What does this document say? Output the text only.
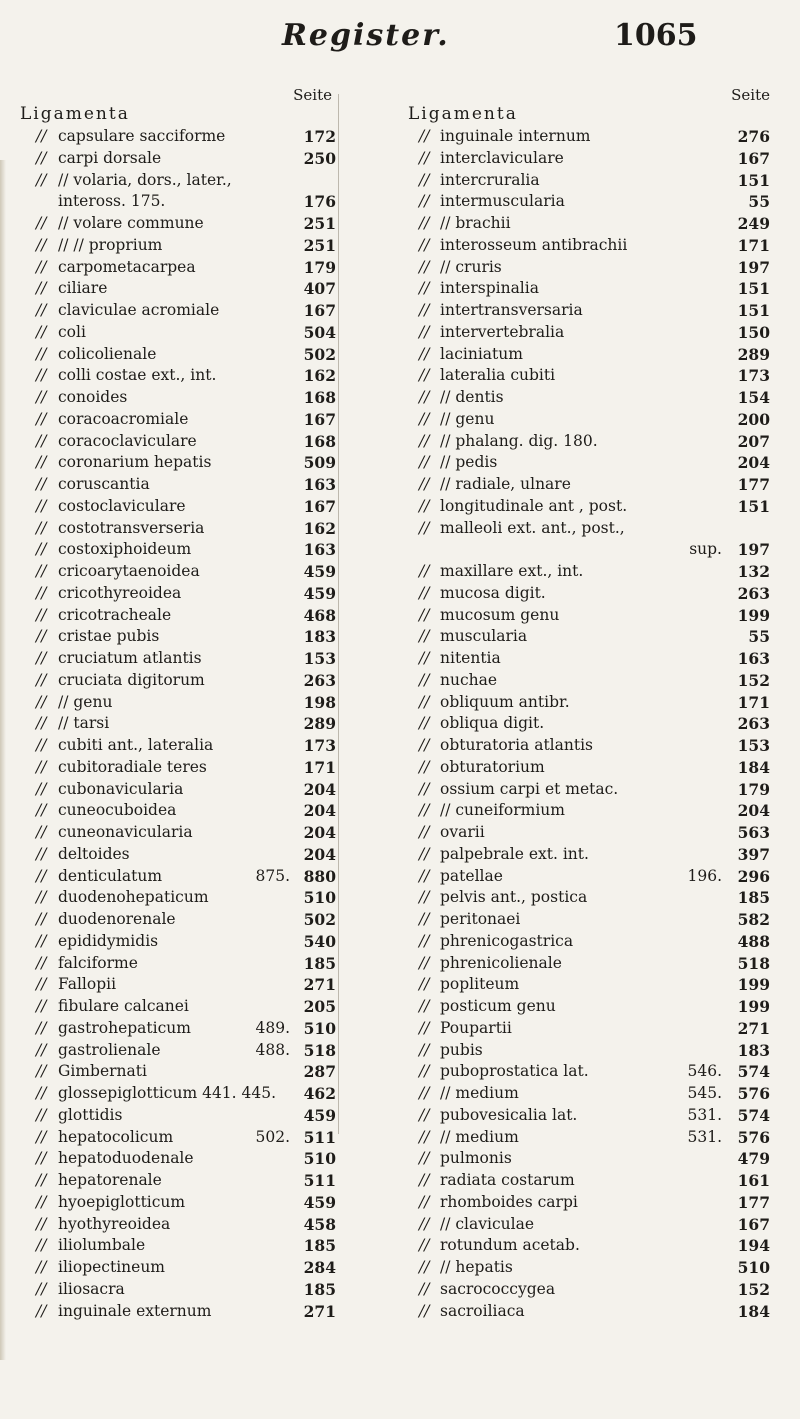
Register.	1065
Seite
Ligamenta
// capsulare sacciforme	172
// carpi dorsale	250
// // volaria, dors., later.,
inteross. 175.	176
// // volare commune	251
// // // proprium	251
// carpometacarpea	179
// ciliare	407
// claviculae acromiale	167
// coli	504
// colicolienale	502
// colli costae ext., int.	162
// conoides	168
// coracoacromiale	167
// coracoclaviculare	168
// coronarium hepatis	509
// coruscantia	163
// costoclaviculare	167
// costotransverseria	162
// costoxiphoideum	163
// cricoarytaenoidea	459
// cricothyreoidea	459
// cricotracheale	468
// cristae pubis	183
// cruciatum atlantis	153
// cruciata digitorum	263
// // genu	198
// // tarsi	289
// cubiti ant., lateralia	173
// cubitoradiale teres	171
// cubonavicularia	204
// cuneocuboidea	204
// cuneonavicularia	204
// deltoides	204
// denticulatum	875. 880
// duodenohepaticum	510
// duodenorenale	502
// epididymidis	540
// falciforme	185
// Fallopii	271
// fibulare calcanei	205
// gastrohepaticum	489. 510
// gastrolienale	488. 518
// Gimbernati	287
// glossepiglotticum 441. 445. 462
// glottidis	459
// hepatocolicum	502. 511
// hepatoduodenale	510
// hepatorenale	511
// hyoepiglotticum	459
// hyothyreoidea	458
// iliolumbale	185
// iliopectineum	284
// iliosacra	185
// inguinale externum	271
Seite
Ligamenta
// inguinale internum	276
// interclaviculare	167
// intercruralia	151
// intermuscularia	55
// // brachii	249
// interosseum antibrachii	171
// // cruris	197
// interspinalia	151
// intertransversaria	151
// intervertebralia	150
// laciniatum	289
// lateralia cubiti	173
// // dentis	154
// // genu	200
// // phalang. dig. 180.	207
// // pedis	204
// // radiale, ulnare	177
// longitudinale ant , post.	151
// malleoli ext. ant., post.,
sup. 197
// maxillare ext., int.	132
// mucosa digit.	263
// mucosum genu	199
// muscularia	55
// nitentia	163
// nuchae	152
// obliquum antibr.	171
// obliqua digit.	263
// obturatoria atlantis	153
// obturatorium	184
// ossium carpi et metac.	179
// // cuneiformium	204
// ovarii	563
// palpebrale ext. int.	397
// patellae	196. 296
// pelvis ant., postica	185
// peritonaei	582
// phrenicogastrica	488
// phrenicolienale	518
// popliteum	199
// posticum genu	199
// Poupartii	271
// pubis	183
// puboprostatica lat.	546. 574
// // medium	545. 576
// pubovesicalia lat.	531. 574
// // medium	531. 576
// pulmonis	479
// radiata costarum	161
// rhomboides carpi	177
// // claviculae	167
// rotundum acetab.	194
// // hepatis	510
// sacrococcygea	152
// sacroiliaca	184
